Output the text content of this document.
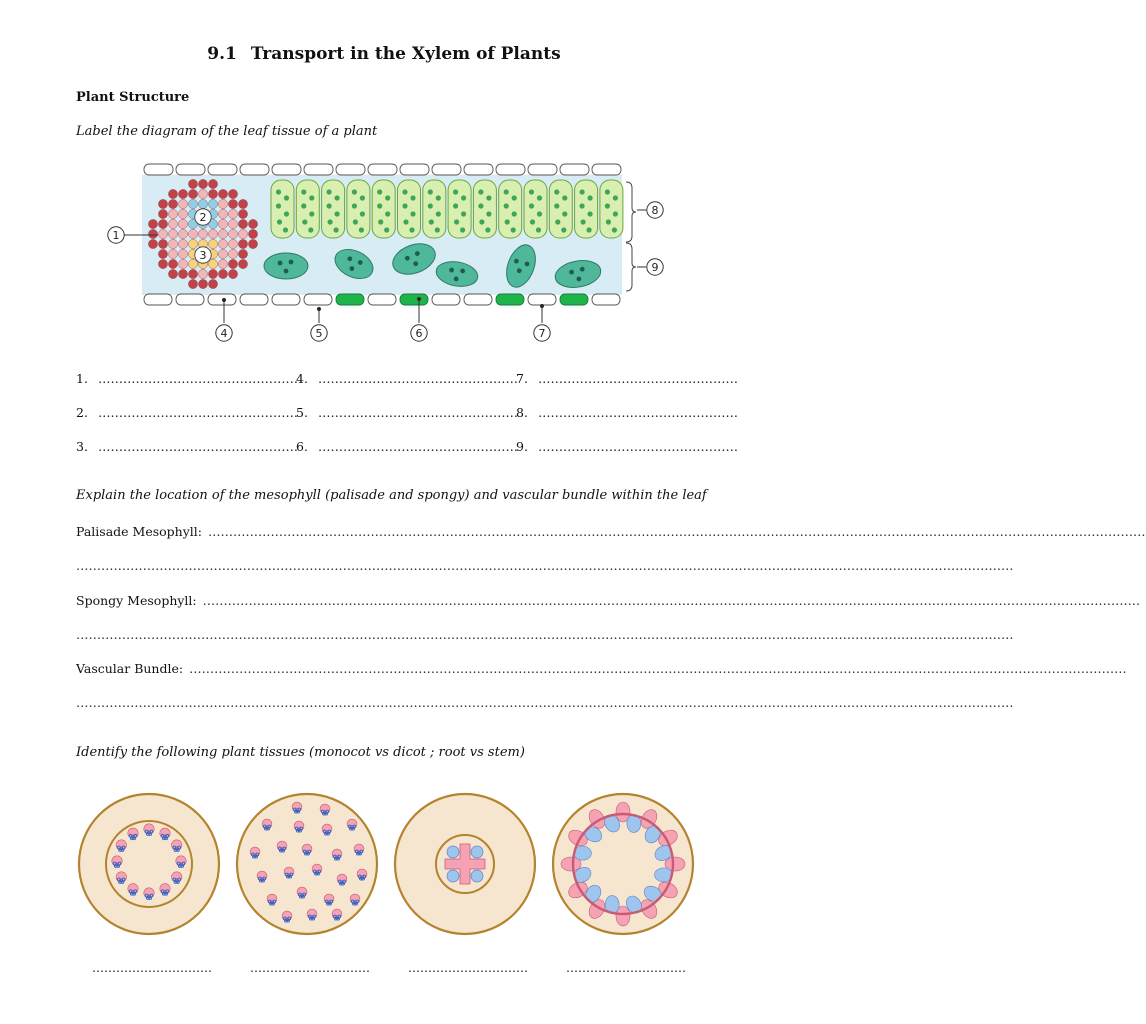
9.1 Transport in the Xylem of Plants
Plant Structure
Label the diagram of the leaf tissue of a plant
1
2
3
4	5	6	7
8
9
1. …………………………………………
2. …………………………………………
3. …………………………………………
4. …………………………………………
5. …………………………………………
6. …………………………………………
7. …………………………………………
8. …………………………………………
9. …………………………………………
Explain the location of the mesophyll (palisade and spongy) and vascular bundle within the leaf
Palisade Mesophyll: ………………………………………………………………………………………………………………………………………………………………………………………………………
………………………………………………………………………………………………………………………………………………………………………………………………………
Spongy Mesophyll: ………………………………………………………………………………………………………………………………………………………………………………………………………
………………………………………………………………………………………………………………………………………………………………………………………………………
Vascular Bundle: ………………………………………………………………………………………………………………………………………………………………………………………………………
………………………………………………………………………………………………………………………………………………………………………………………………………
Identify the following plant tissues (monocot vs dicot ; root vs stem)
…………………………	…………………………	…………………………	…………………………
